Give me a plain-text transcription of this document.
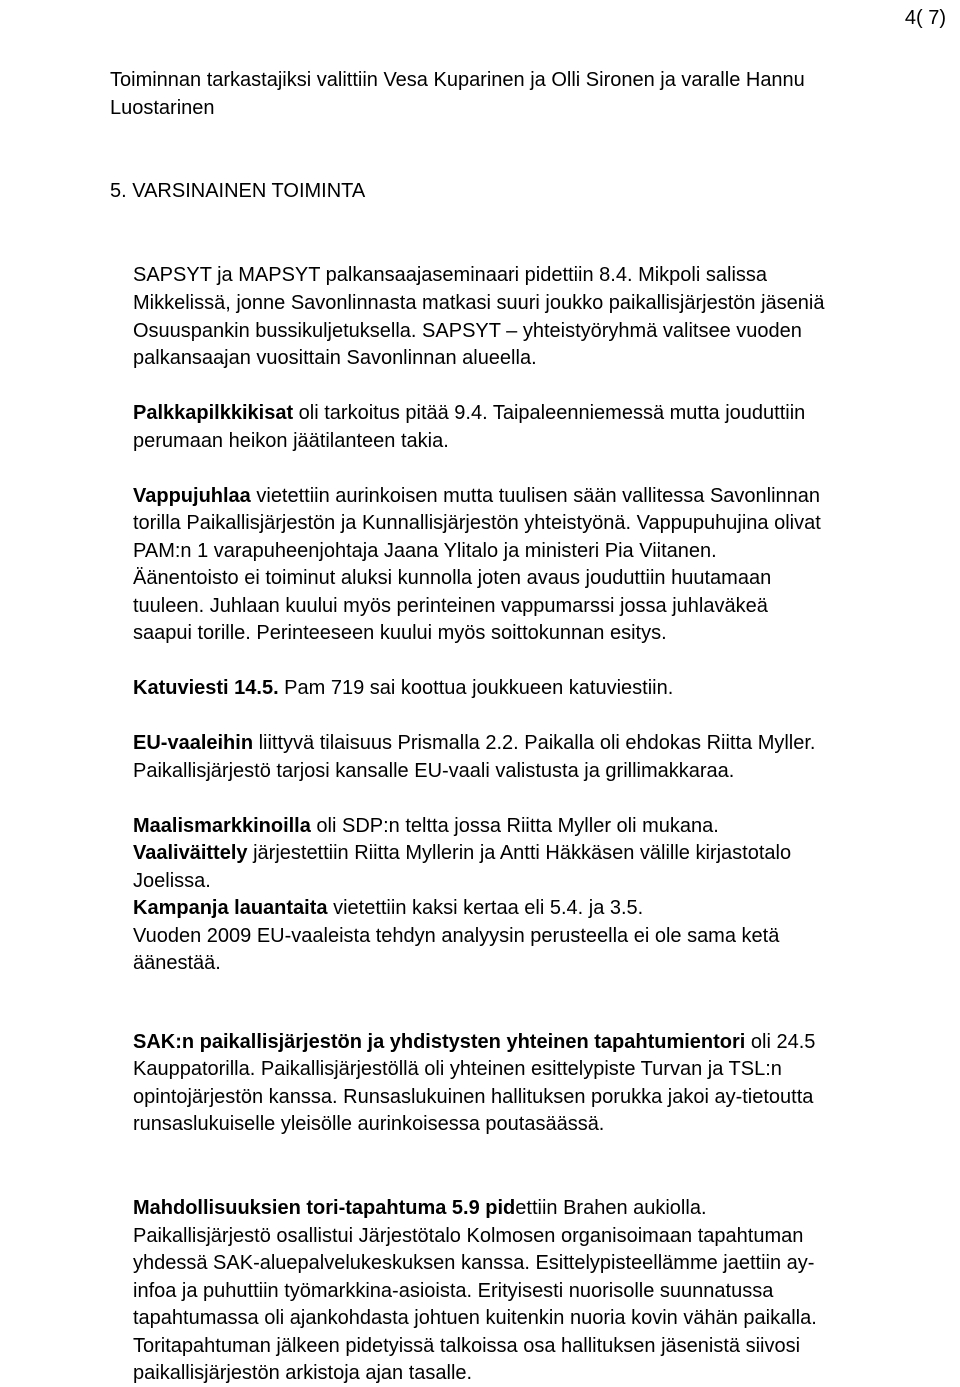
4( 7)
Toiminnan tarkastajiksi valittiin Vesa Kuparinen ja Olli Sironen ja varalle Hannu
Luostarinen
5. VARSINAINEN TOIMINTA
SAPSYT ja MAPSYT palkansaajaseminaari pidettiin 8.4. Mikpoli salissa
Mikkelissä, jonne Savonlinnasta matkasi suuri joukko paikallisjärjestön jäseniä
Osuuspankin bussikuljetuksella. SAPSYT – yhteistyöryhmä valitsee vuoden
palkansaajan vuosittain Savonlinnan alueella.
Palkkapilkkikisat oli tarkoitus pitää 9.4. Taipaleenniemessä mutta jouduttiin
perumaan heikon jäätilanteen takia.
Vappujuhlaa vietettiin aurinkoisen mutta tuulisen sään vallitessa Savonlinnan
torilla Paikallisjärjestön ja Kunnallisjärjestön yhteistyönä. Vappupuhujina olivat
PAM:n 1 varapuheenjohtaja Jaana Ylitalo ja ministeri Pia Viitanen.
Äänentoisto ei toiminut aluksi kunnolla joten avaus jouduttiin huutamaan
tuuleen. Juhlaan kuului myös perinteinen vappumarssi jossa juhlaväkeä
saapui torille. Perinteeseen kuului myös soittokunnan esitys.
Katuviesti 14.5. Pam 719 sai koottua joukkueen katuviestiin.
EU-vaaleihin liittyvä tilaisuus Prismalla 2.2. Paikalla oli ehdokas Riitta Myller.
Paikallisjärjestö tarjosi kansalle EU-vaali valistusta ja grillimakkaraa.
Maalismarkkinoilla oli SDP:n teltta jossa Riitta Myller oli mukana.
Vaaliväittely järjestettiin Riitta Myllerin ja Antti Häkkäsen välille kirjastotalo
Joelissa.
Kampanja lauantaita vietettiin kaksi kertaa eli 5.4. ja 3.5.
Vuoden 2009 EU-vaaleista tehdyn analyysin perusteella ei ole sama ketä
äänestää.
SAK:n paikallisjärjestön ja yhdistysten yhteinen tapahtumientori oli 24.5
Kauppatorilla. Paikallisjärjestöllä oli yhteinen esittelypiste Turvan ja TSL:n
opintojärjestön kanssa. Runsaslukuinen hallituksen porukka jakoi ay-tietoutta
runsaslukuiselle yleisölle aurinkoisessa poutasäässä.
Mahdollisuuksien tori-tapahtuma 5.9 pidettiin Brahen aukiolla.
Paikallisjärjestö osallistui Järjestötalo Kolmosen organisoimaan tapahtuman
yhdessä SAK-aluepalvelukeskuksen kanssa. Esittelypisteellämme jaettiin ay-
infoa ja puhuttiin työmarkkina-asioista. Erityisesti nuorisolle suunnatussa
tapahtumassa oli ajankohdasta johtuen kuitenkin nuoria kovin vähän paikalla.
Toritapahtuman jälkeen pidetyissä talkoissa osa hallituksen jäsenistä siivosi
paikallisjärjestön arkistoja ajan tasalle.
